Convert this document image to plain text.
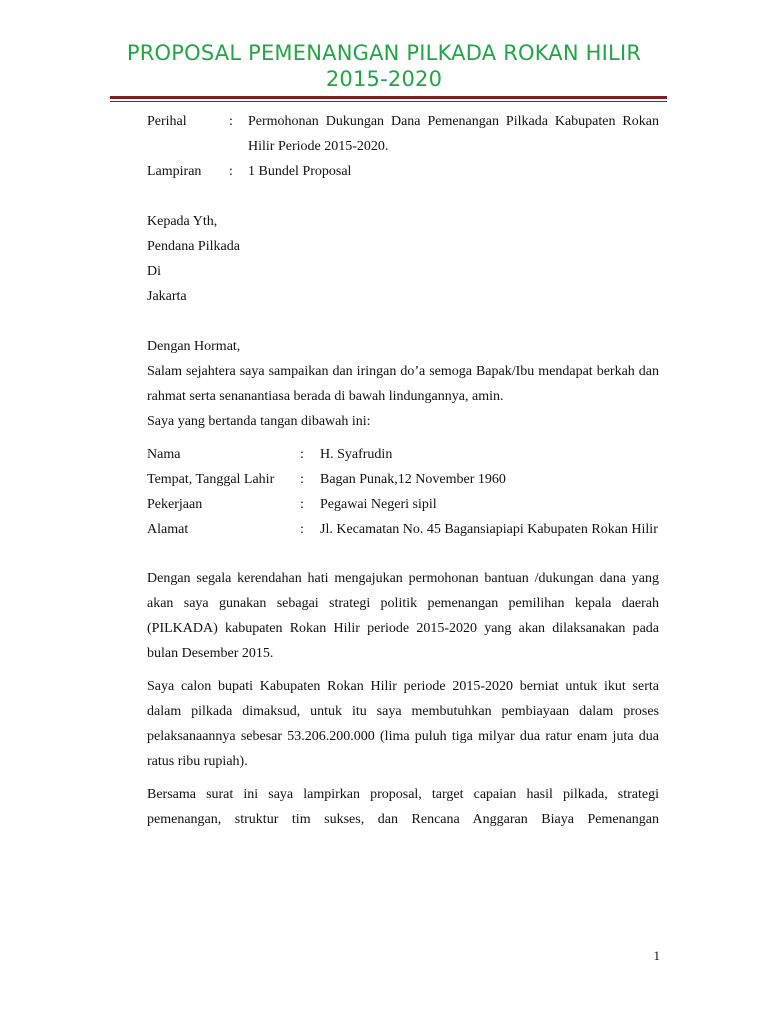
PROPOSAL PEMENANGAN PILKADA ROKAN HILIR
2015-2020
Perihal	:	Permohonan Dukungan Dana Pemenangan Pilkada Kabupaten Rokan Hilir Periode 2015-2020.
Lampiran	:	1 Bundel Proposal
Kepada Yth,
Pendana Pilkada
Di
Jakarta
Dengan Hormat,
Salam sejahtera saya sampaikan dan iringan do’a semoga Bapak/Ibu mendapat berkah dan rahmat serta senanantiasa berada di bawah lindungannya, amin.
Saya yang bertanda tangan dibawah ini:
Nama	:	H. Syafrudin
Tempat, Tanggal Lahir	:	Bagan Punak,12 November 1960
Pekerjaan	:	Pegawai Negeri sipil
Alamat	:	Jl. Kecamatan No. 45 Bagansiapiapi Kabupaten Rokan Hilir
Dengan segala kerendahan hati mengajukan permohonan bantuan /dukungan dana yang akan saya gunakan sebagai strategi politik pemenangan pemilihan kepala daerah (PILKADA) kabupaten Rokan Hilir periode 2015-2020 yang akan dilaksanakan pada bulan Desember 2015.
Saya calon bupati Kabupaten Rokan Hilir periode 2015-2020 berniat untuk ikut serta dalam pilkada dimaksud, untuk itu saya membutuhkan pembiayaan dalam proses pelaksanaannya sebesar 53.206.200.000 (lima puluh tiga milyar dua ratur enam juta dua ratus ribu rupiah).
Bersama surat ini saya lampirkan proposal, target capaian hasil pilkada, strategi pemenangan, struktur tim sukses, dan Rencana Anggaran Biaya Pemenangan
1
